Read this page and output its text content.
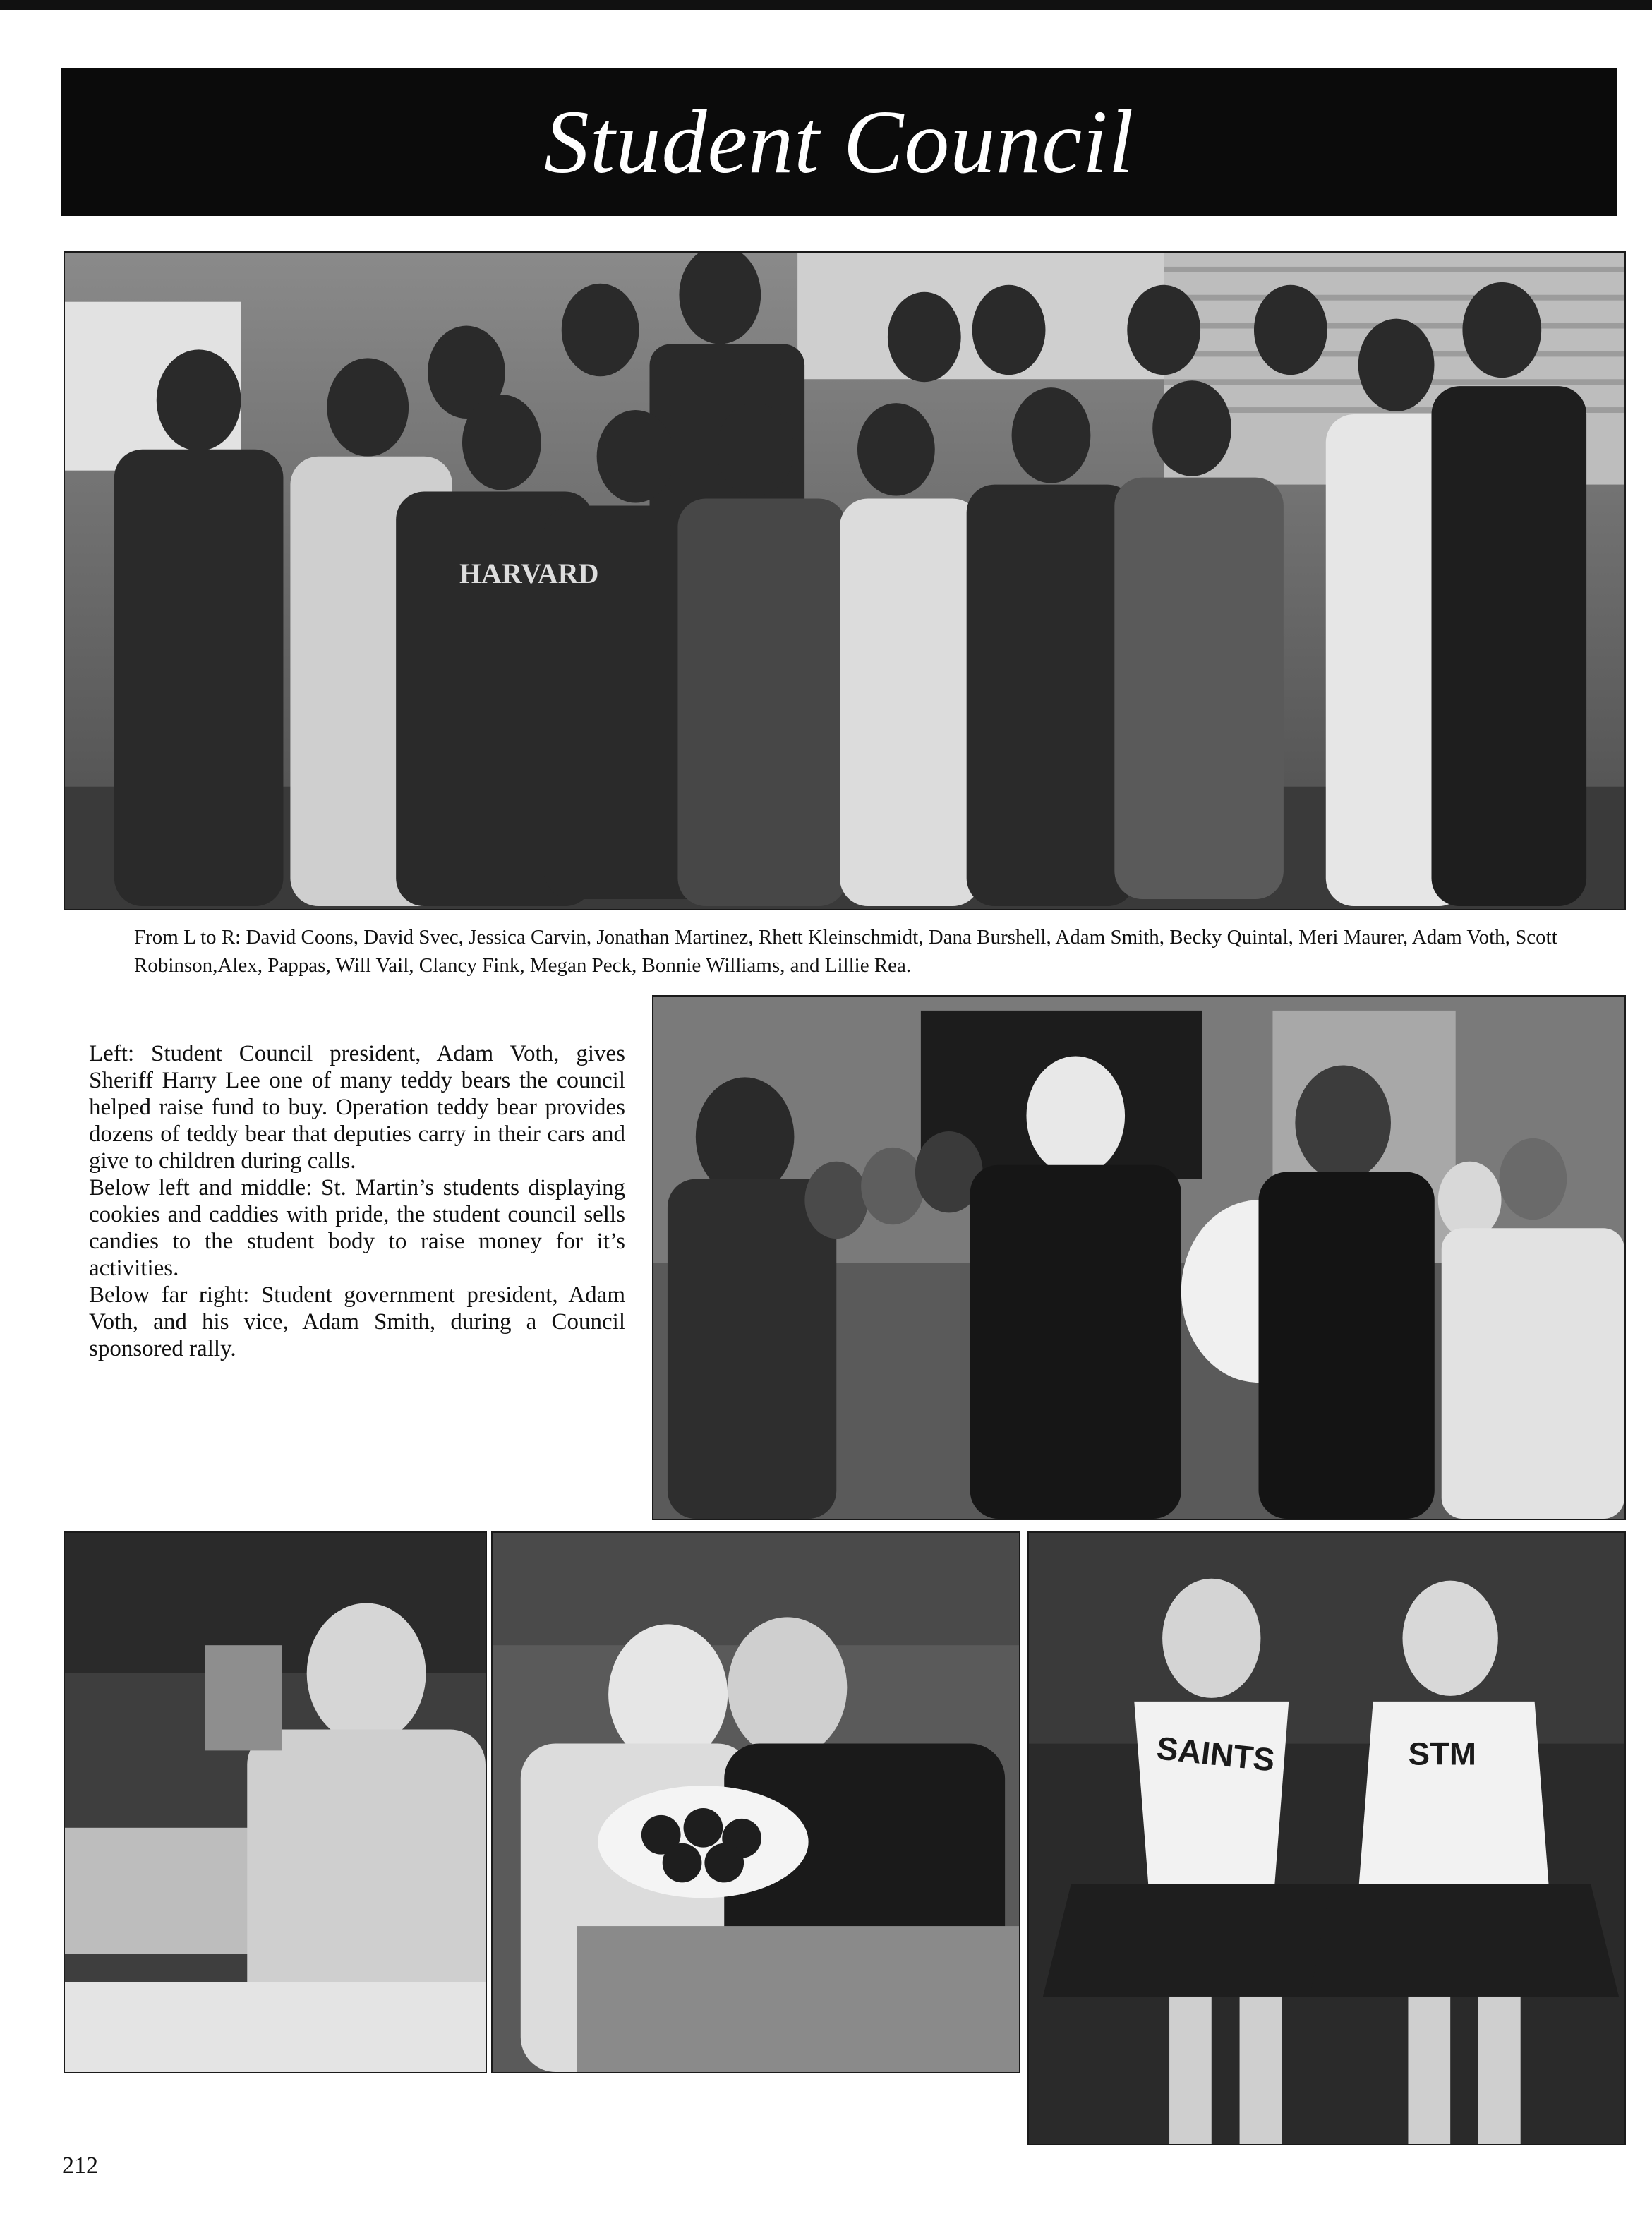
Student Council
HARVARD
From L to R: David Coons, David Svec, Jessica Carvin, Jonathan Martinez, Rhett Kleinschmidt, Dana Burshell, Adam Smith, Becky Quintal, Meri Maurer, Adam Voth, Scott Robinson,Alex, Pappas, Will Vail, Clancy Fink, Megan Peck, Bonnie Williams, and Lillie Rea.

Left: Student Council president, Adam Voth, gives Sheriff Harry Lee one of many teddy bears the council helped raise fund to buy. Operation teddy bear provides dozens of teddy bear that deputies carry in their cars and give to children during calls.

Below left and middle: St. Martin’s students displaying cookies and caddies with pride, the student council sells candies to the student body to raise money for it’s activities.

Below far right: Student government president, Adam Voth, and his vice, Adam Smith, during a Council sponsored rally.

SAINTS	STM
212
